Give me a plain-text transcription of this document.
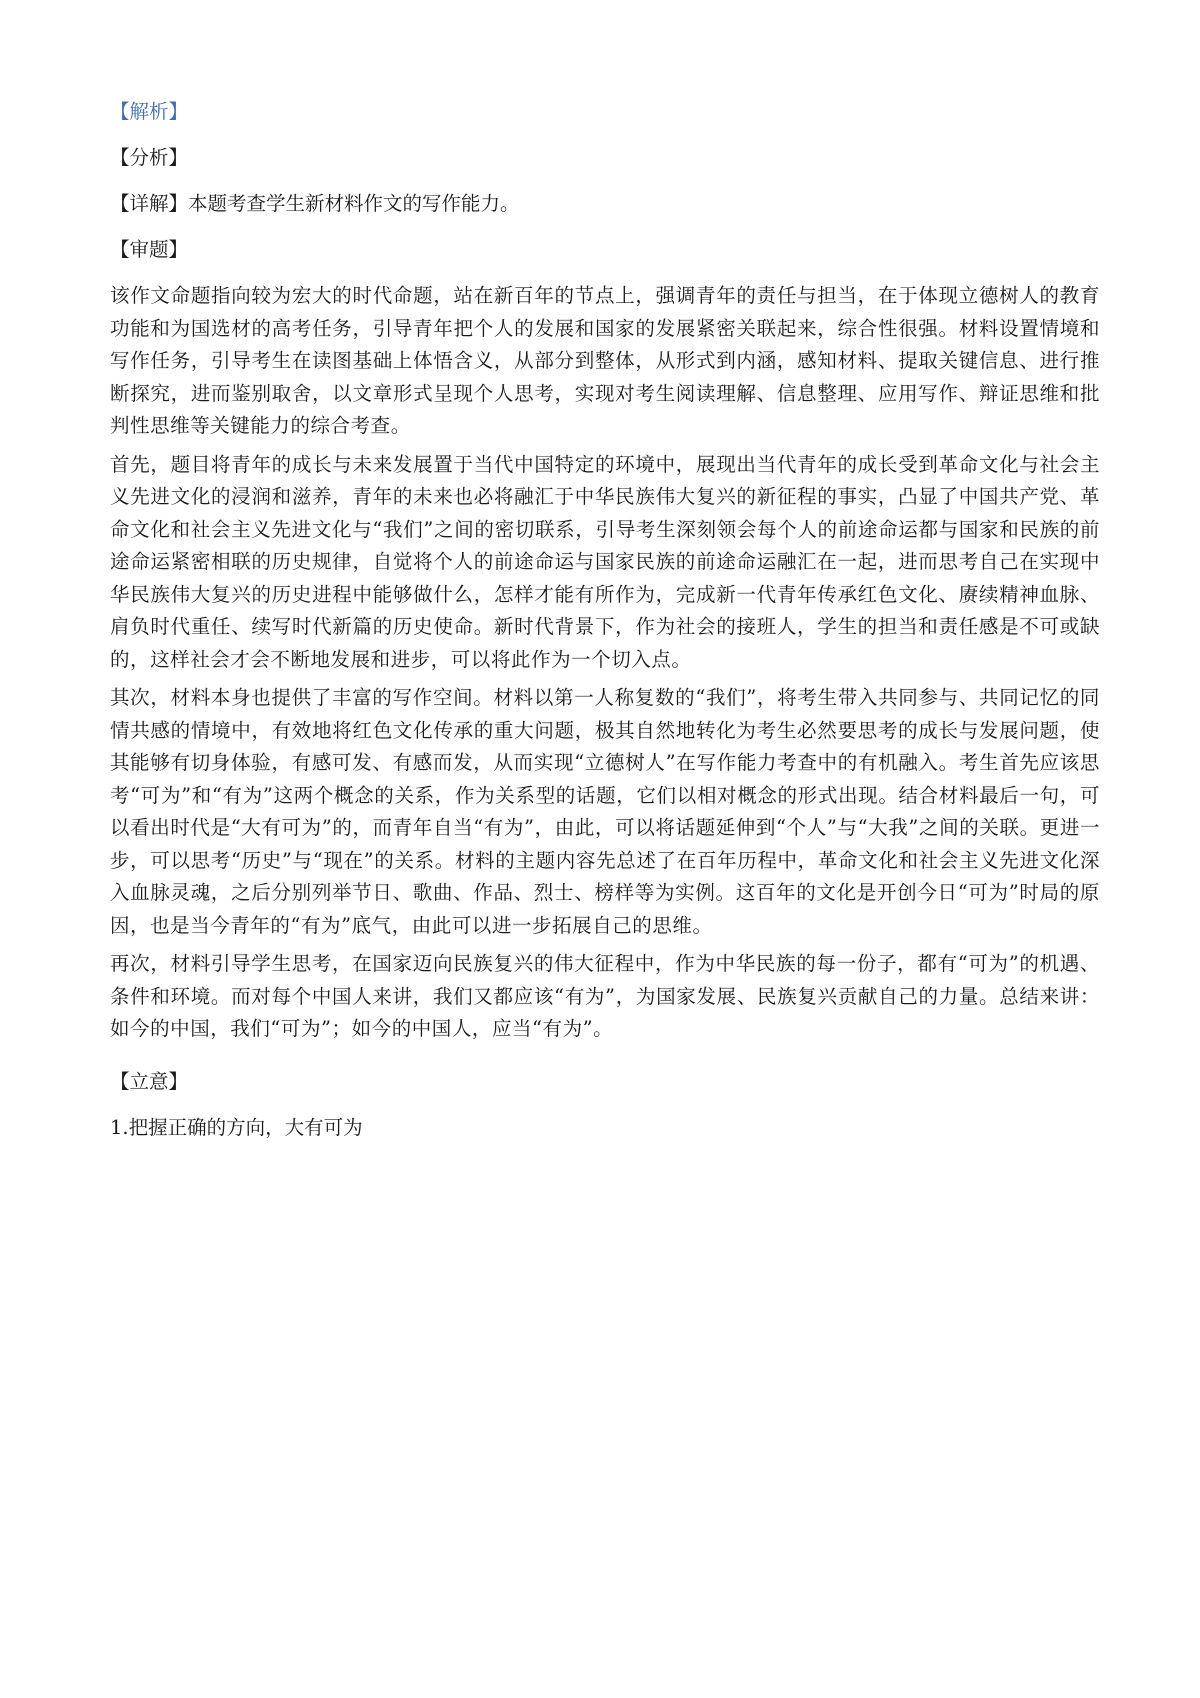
【解析】
【分析】
【详解】本题考查学生新材料作文的写作能力。
【审题】
该作文命题指向较为宏大的时代命题，站在新百年的节点上，强调青年的责任与担当，在于体现立德树人的教育功能和为国选材的高考任务，引导青年把个人的发展和国家的发展紧密关联起来，综合性很强。材料设置情境和写作任务，引导考生在读图基础上体悟含义，从部分到整体，从形式到内涵，感知材料、提取关键信息、进行推断探究，进而鉴别取舍，以文章形式呈现个人思考，实现对考生阅读理解、信息整理、应用写作、辩证思维和批判性思维等关键能力的综合考查。
首先，题目将青年的成长与未来发展置于当代中国特定的环境中，展现出当代青年的成长受到革命文化与社会主义先进文化的浸润和滋养，青年的未来也必将融汇于中华民族伟大复兴的新征程的事实，凸显了中国共产党、革命文化和社会主义先进文化与“我们”之间的密切联系，引导考生深刻领会每个人的前途命运都与国家和民族的前途命运紧密相联的历史规律，自觉将个人的前途命运与国家民族的前途命运融汇在一起，进而思考自己在实现中华民族伟大复兴的历史进程中能够做什么，怎样才能有所作为，完成新一代青年传承红色文化、赓续精神血脉、肩负时代重任、续写时代新篇的历史使命。新时代背景下，作为社会的接班人，学生的担当和责任感是不可或缺的，这样社会才会不断地发展和进步，可以将此作为一个切入点。
其次，材料本身也提供了丰富的写作空间。材料以第一人称复数的“我们”，将考生带入共同参与、共同记忆的同情共感的情境中，有效地将红色文化传承的重大问题，极其自然地转化为考生必然要思考的成长与发展问题，使其能够有切身体验，有感可发、有感而发，从而实现“立德树人”在写作能力考查中的有机融入。考生首先应该思考“可为”和“有为”这两个概念的关系，作为关系型的话题，它们以相对概念的形式出现。结合材料最后一句，可以看出时代是“大有可为”的，而青年自当“有为”，由此，可以将话题延伸到“个人”与“大我”之间的关联。更进一步，可以思考“历史”与“现在”的关系。材料的主题内容先总述了在百年历程中，革命文化和社会主义先进文化深入血脉灵魂，之后分别列举节日、歌曲、作品、烈士、榜样等为实例。这百年的文化是开创今日“可为”时局的原因，也是当今青年的“有为”底气，由此可以进一步拓展自己的思维。
再次，材料引导学生思考，在国家迈向民族复兴的伟大征程中，作为中华民族的每一份子，都有“可为”的机遇、条件和环境。而对每个中国人来讲，我们又都应该“有为”，为国家发展、民族复兴贡献自己的力量。总结来讲：如今的中国，我们“可为”；如今的中国人，应当“有为”。
【立意】
1.把握正确的方向，大有可为
